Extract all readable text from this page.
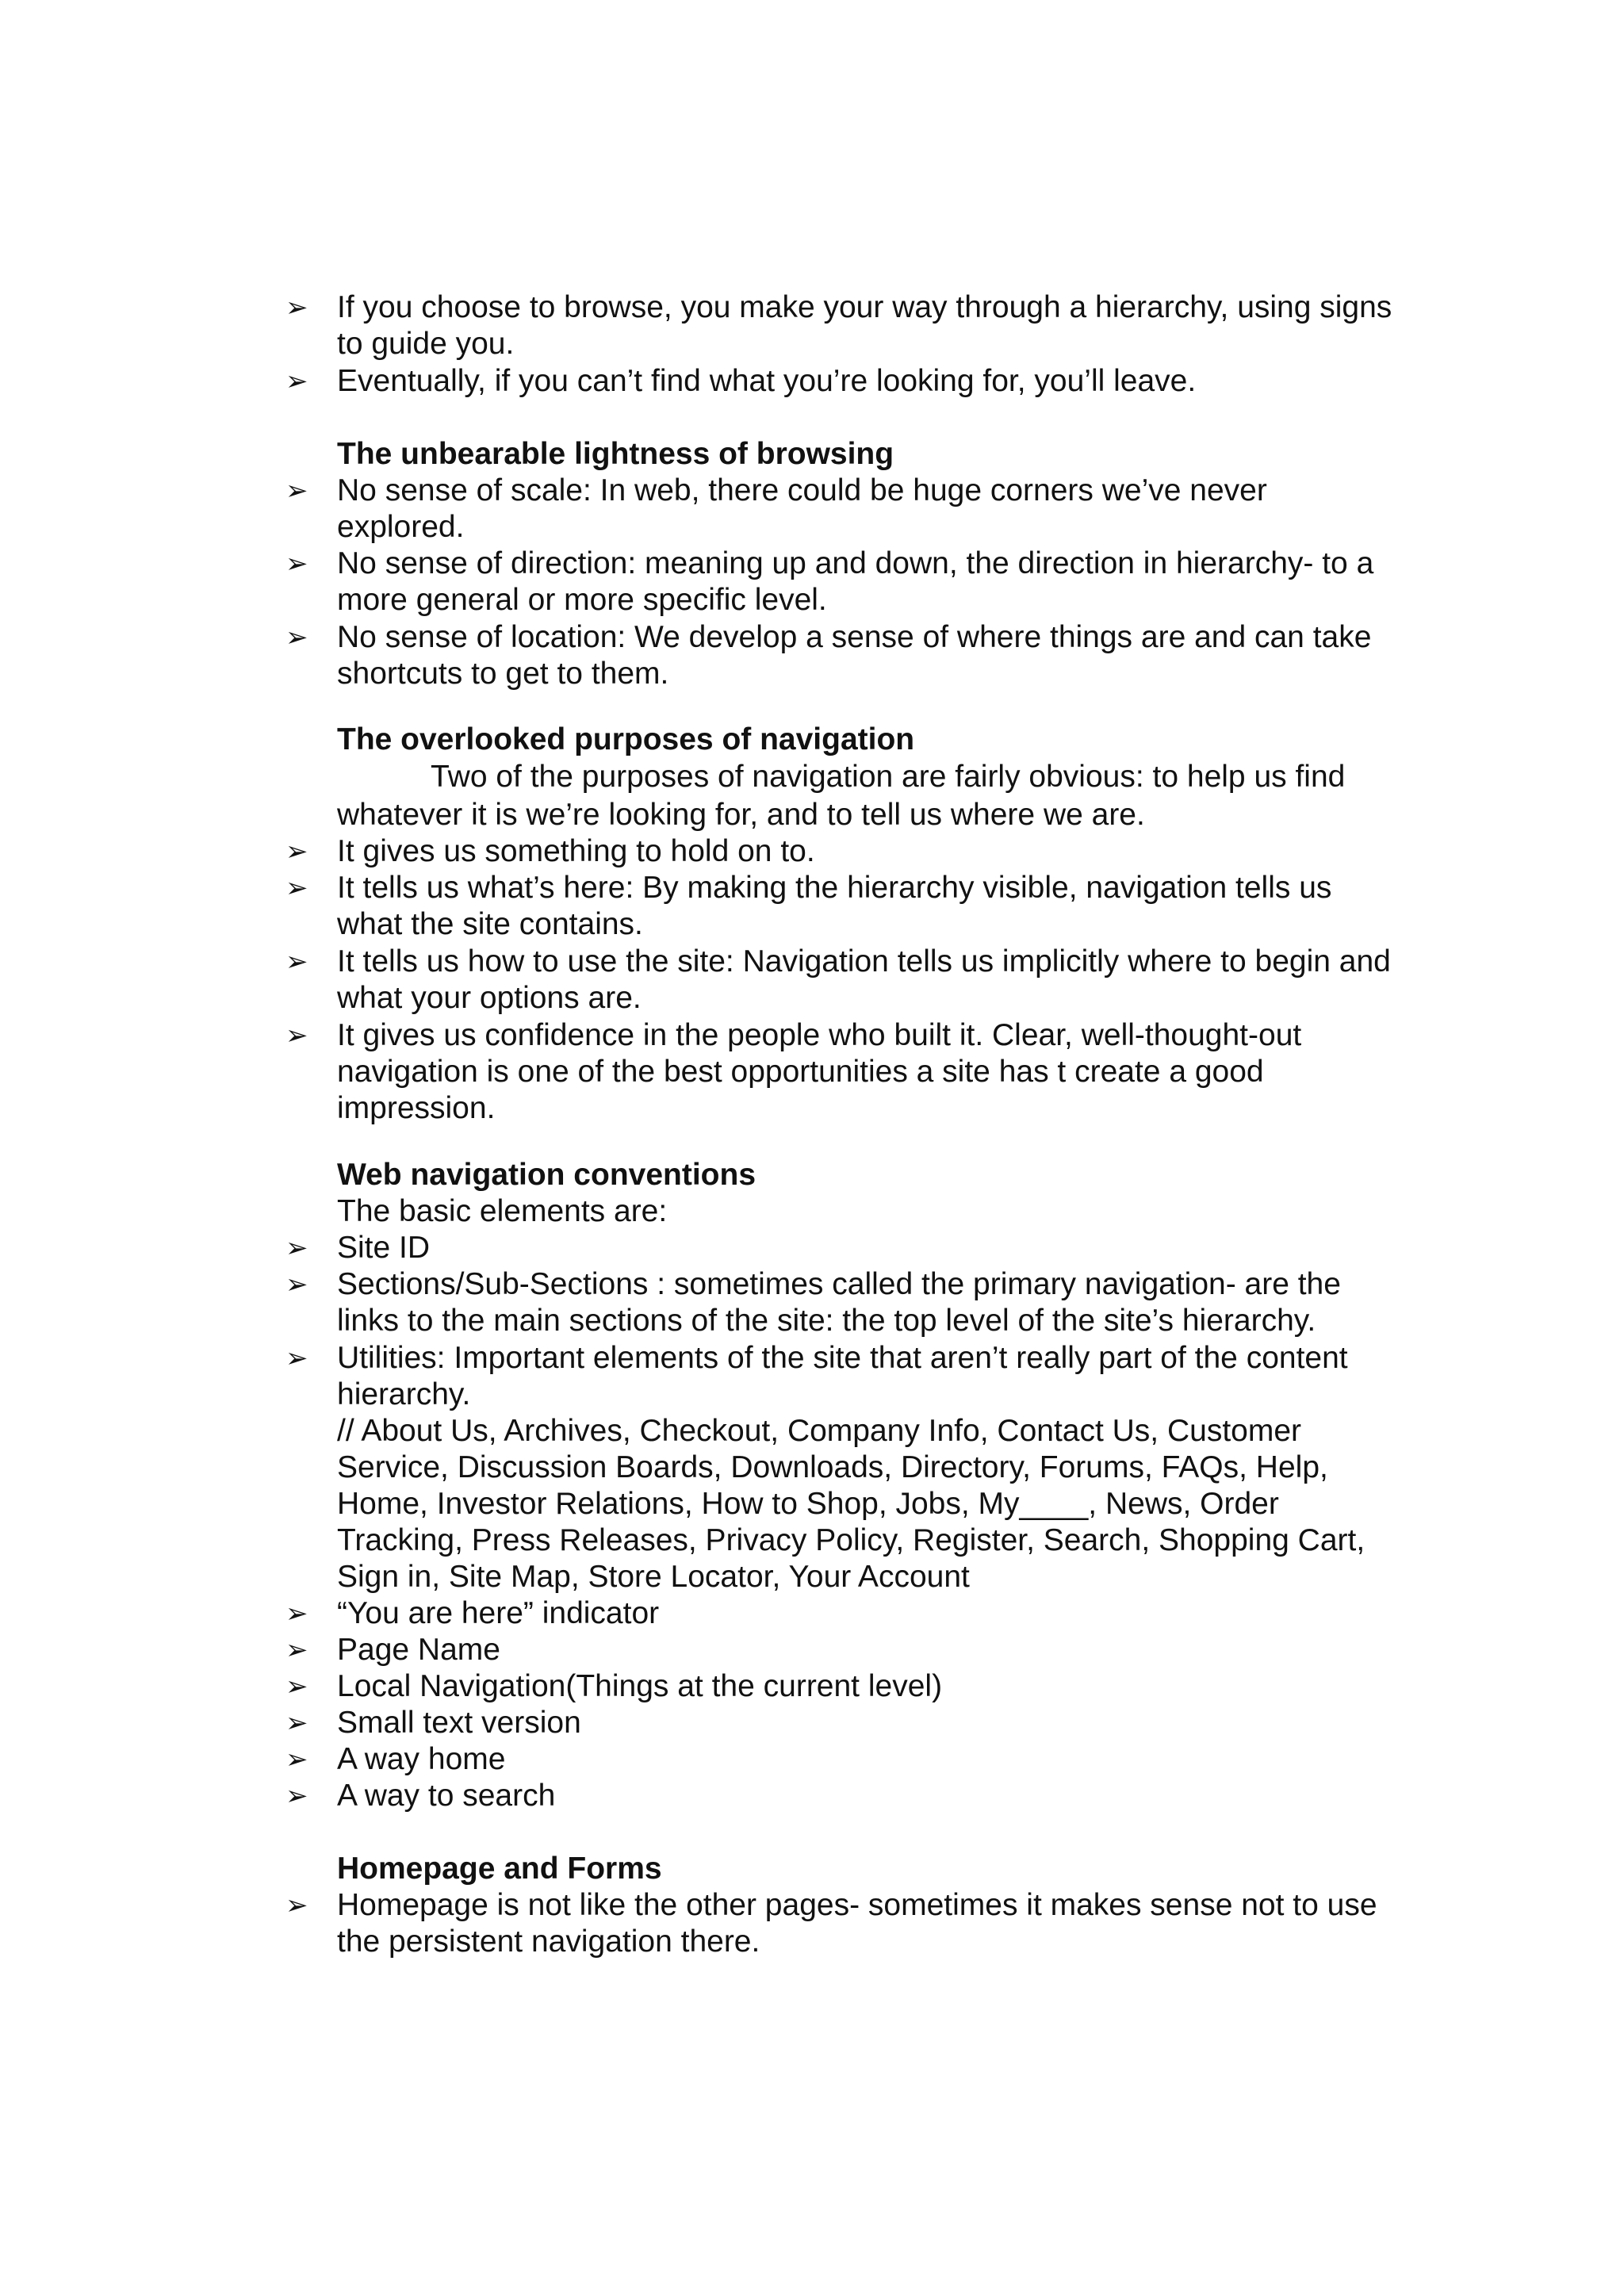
➢ If you choose to browse, you make your way through a hierarchy, using signs to guide you.
➢ Eventually, if you can’t find what you’re looking for, you’ll leave.
The unbearable lightness of browsing
➢ No sense of scale: In web, there could be huge corners we’ve never explored.
➢ No sense of direction: meaning up and down, the direction in hierarchy- to a more general or more specific level.
➢ No sense of location: We develop a sense of where things are and can take shortcuts to get to them.
The overlooked purposes of navigation
Two of the purposes of navigation are fairly obvious: to help us find whatever it is we’re looking for, and to tell us where we are.
➢ It gives us something to hold on to.
➢ It tells us what’s here: By making the hierarchy visible, navigation tells us what the site contains.
➢ It tells us how to use the site: Navigation tells us implicitly where to begin and what your options are.
➢ It gives us confidence in the people who built it. Clear, well-thought-out navigation is one of the best opportunities a site has t create a good impression.
Web navigation conventions
The basic elements are:
➢ Site ID
➢ Sections/Sub-Sections : sometimes called the primary navigation- are the links to the main sections of the site: the top level of the site’s hierarchy.
➢ Utilities: Important elements of the site that aren’t really part of the content hierarchy.
// About Us, Archives, Checkout, Company Info, Contact Us, Customer Service, Discussion Boards, Downloads, Directory, Forums, FAQs, Help, Home, Investor Relations, How to Shop, Jobs, My____, News, Order Tracking, Press Releases, Privacy Policy, Register, Search, Shopping Cart, Sign in, Site Map, Store Locator, Your Account
➢ “You are here” indicator
➢ Page Name
➢ Local Navigation(Things at the current level)
➢ Small text version
➢ A way home
➢ A way to search
Homepage and Forms
➢ Homepage is not like the other pages- sometimes it makes sense not to use the persistent navigation there.
